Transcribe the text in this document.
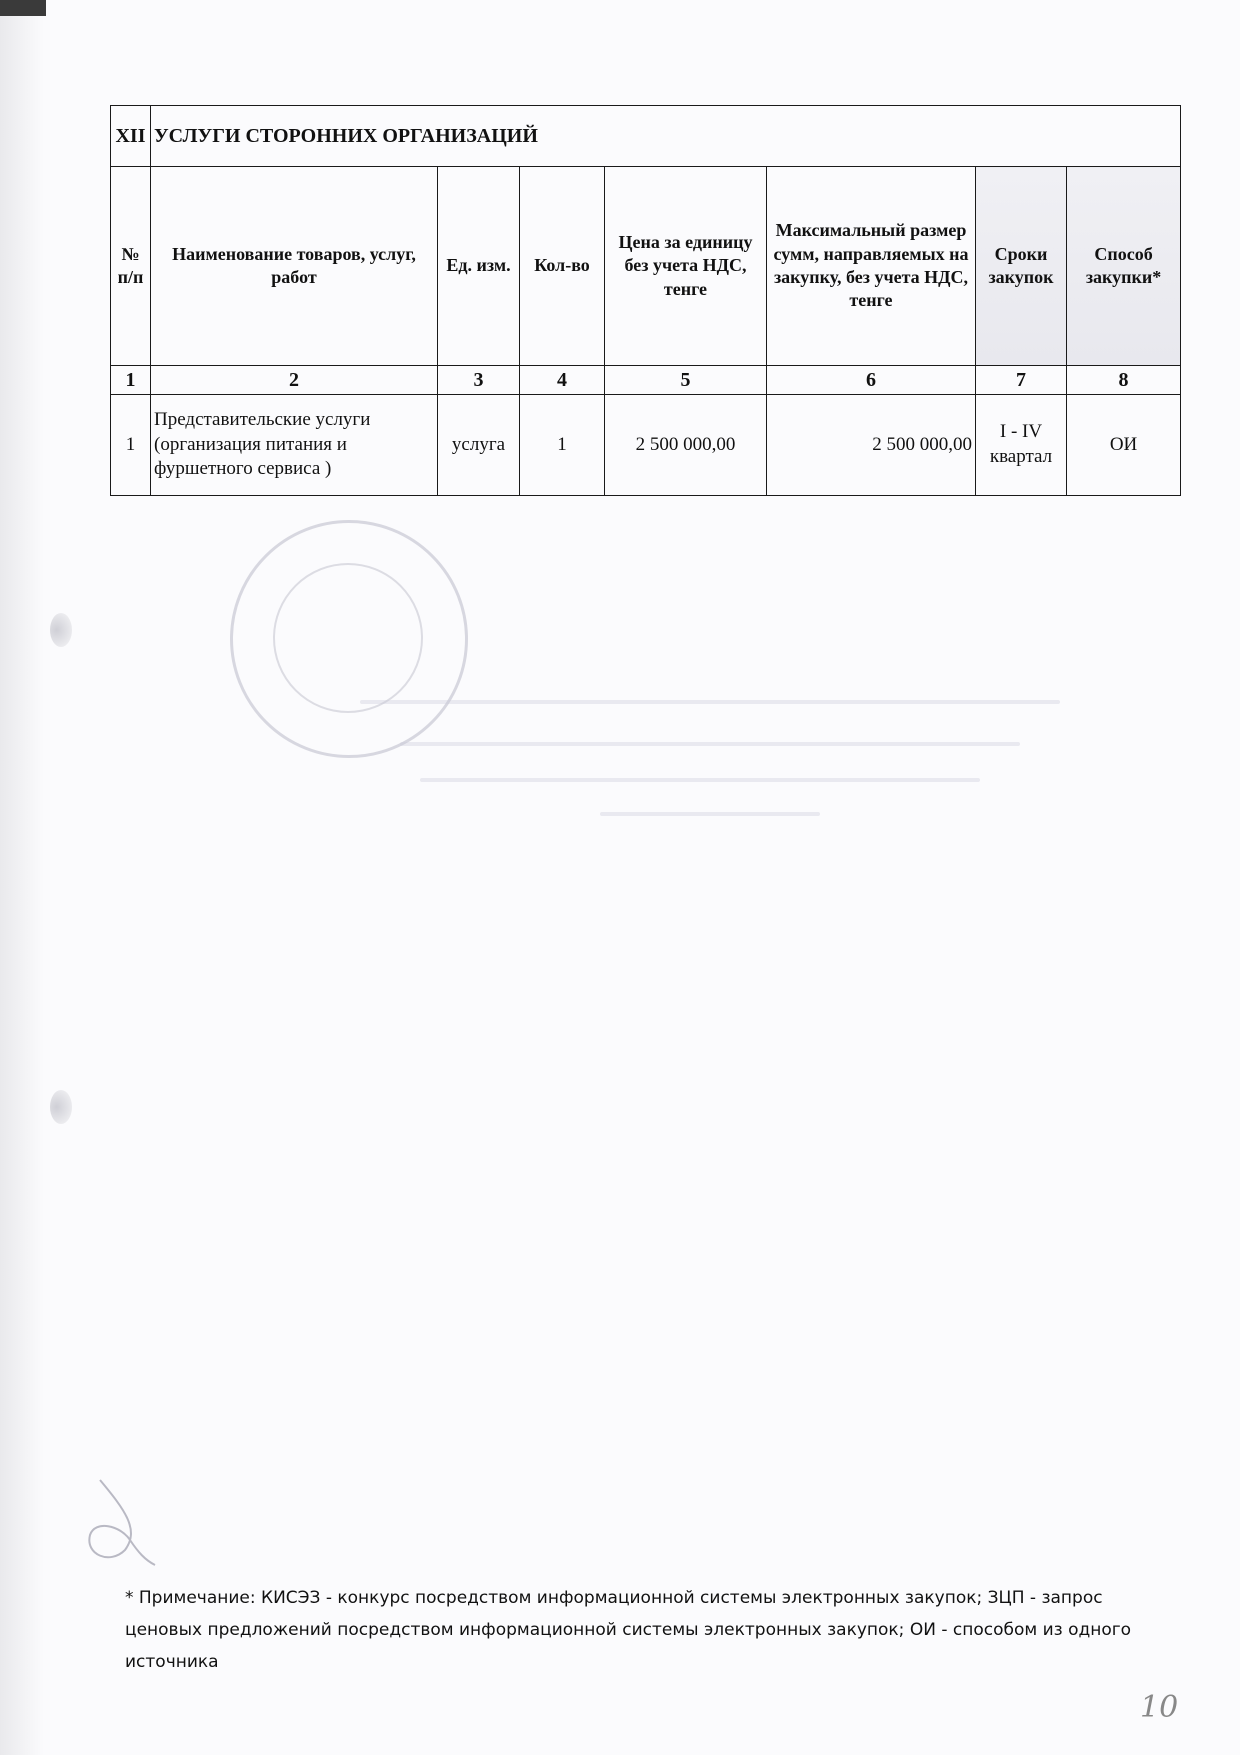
XII	УСЛУГИ СТОРОННИХ ОРГАНИЗАЦИЙ						
№ п/п	Наименование товаров, услуг, работ	Ед. изм.	Кол-во	Цена за единицу без учета НДС, тенге	Максимальный размер сумм, направляемых на закупку, без учета НДС, тенге	Сроки закупок	Способ закупки*
1	2	3	4	5	6	7	8
1	Представительские услуги (организация питания и фуршетного сервиса )	услуга	1	2 500 000,00	2 500 000,00	I - IV квартал	ОИ
* Примечание: КИСЭЗ - конкурс посредством информационной системы электронных закупок; ЗЦП - запрос ценовых предложений посредством информационной системы электронных закупок; ОИ - способом из одного источника
10
